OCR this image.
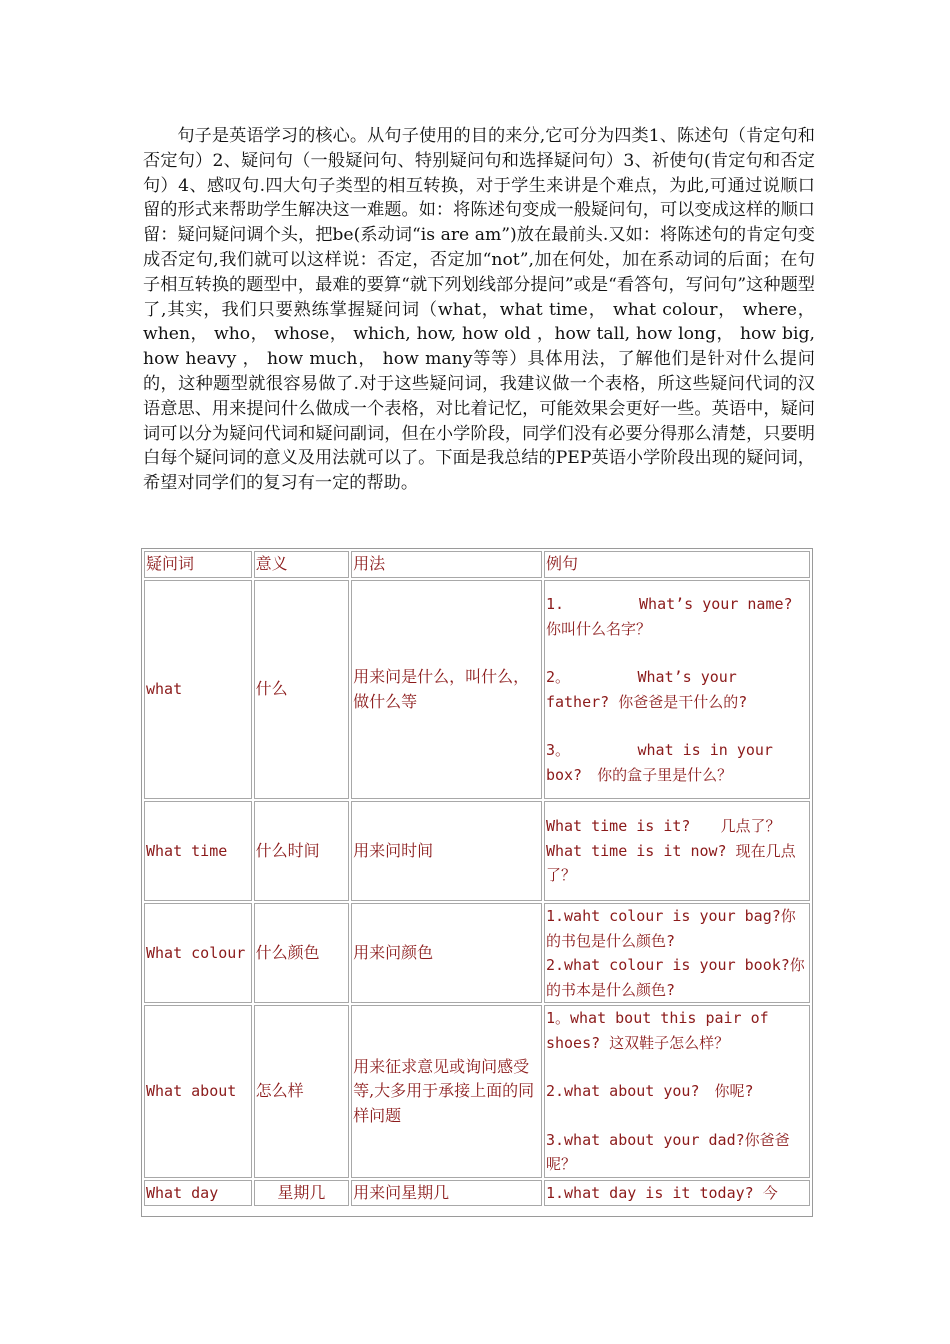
句子是英语学习的核心。从句子使用的目的来分,它可分为四类1、陈述句（肯定句和否定句）2、疑问句（一般疑问句、特别疑问句和选择疑问句）3、祈使句(肯定句和否定句）4、感叹句.四大句子类型的相互转换，对于学生来讲是个难点，为此,可通过说顺口留的形式来帮助学生解决这一难题。如：将陈述句变成一般疑问句，可以变成这样的顺口留：疑问疑问调个头，把be(系动词“is are am”)放在最前头.又如：将陈述句的肯定句变成否定句,我们就可以这样说：否定，否定加“not”,加在何处，加在系动词的后面；在句子相互转换的题型中，最难的要算“就下列划线部分提问”或是“看答句，写问句”这种题型了,其实，我们只要熟练掌握疑问词（what，what time， what colour， where， when， who， whose， which, how, how old ，how tall, how long， how big, how heavy ， how much， how many等等）具体用法，了解他们是针对什么提问的，这种题型就很容易做了.对于这些疑问词，我建议做一个表格，所这些疑问代词的汉语意思、用来提问什么做成一个表格，对比着记忆，可能效果会更好一些。英语中，疑问词可以分为疑问代词和疑问副词，但在小学阶段，同学们没有必要分得那么清楚，只要明白每个疑问词的意义及用法就可以了。下面是我总结的PEP英语小学阶段出现的疑问词，希望对同学们的复习有一定的帮助。

疑问词	意义	用法	例句
what	什么	用来问是什么，叫什么，
做什么等	1.　　　　　What’s your name?　你叫什么名字？
2。　　　　　What’s your father? 你爸爸是干什么的?
3。　　　　　what is in your box?　你的盒子里是什么？

What time	什么时间	用来问时间	What time is it?　　几点了？
What time is it now? 现在几点了？

What colour	什么颜色	用来问颜色	1.waht colour is your bag?你的书包是什么颜色?
2.what colour is your book?你的书本是什么颜色?

What about	怎么样	用来征求意见或询问感受等,大多用于承接上面的同样问题	1。what bout this pair of shoes? 这双鞋子怎么样？
2.what about you?　你呢?
3.what about your dad?你爸爸呢？

What day	星期几	用来问星期几	1.what day is it today? 今
